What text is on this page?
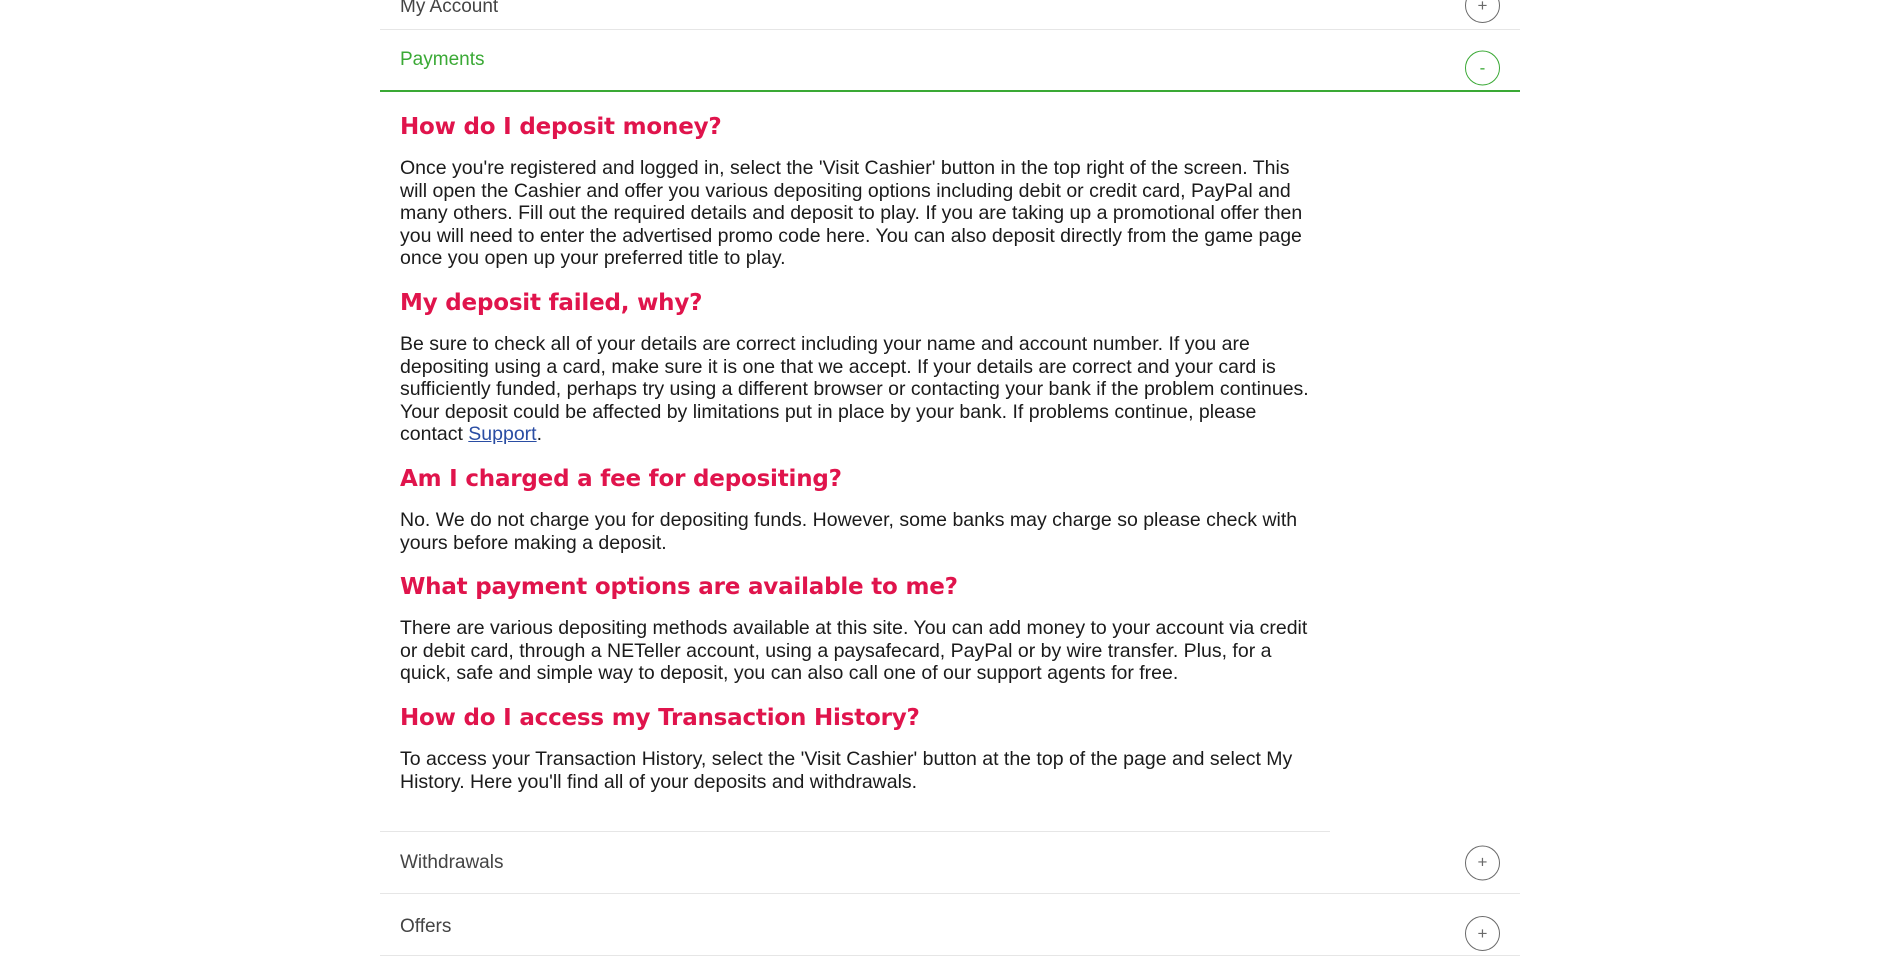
My Account	+
Payments	-
How do I deposit money?

Once you're registered and logged in, select the 'Visit Cashier' button in the top right of the screen. This will open the Cashier and offer you various depositing options including debit or credit card, PayPal and many others. Fill out the required details and deposit to play. If you are taking up a promotional offer then you will need to enter the advertised promo code here. You can also deposit directly from the game page once you open up your preferred title to play.

My deposit failed, why?

Be sure to check all of your details are correct including your name and account number. If you are depositing using a card, make sure it is one that we accept. If your details are correct and your card is sufficiently funded, perhaps try using a different browser or contacting your bank if the problem continues. Your deposit could be affected by limitations put in place by your bank. If problems continue, please contact Support.

Am I charged a fee for depositing?

No. We do not charge you for depositing funds. However, some banks may charge so please check with yours before making a deposit.

What payment options are available to me?

There are various depositing methods available at this site. You can add money to your account via credit or debit card, through a NETeller account, using a paysafecard, PayPal or by wire transfer. Plus, for a quick, safe and simple way to deposit, you can also call one of our support agents for free.

How do I access my Transaction History?

To access your Transaction History, select the 'Visit Cashier' button at the top of the page and select My History. Here you'll find all of your deposits and withdrawals.

Withdrawals	+
Offers	+
